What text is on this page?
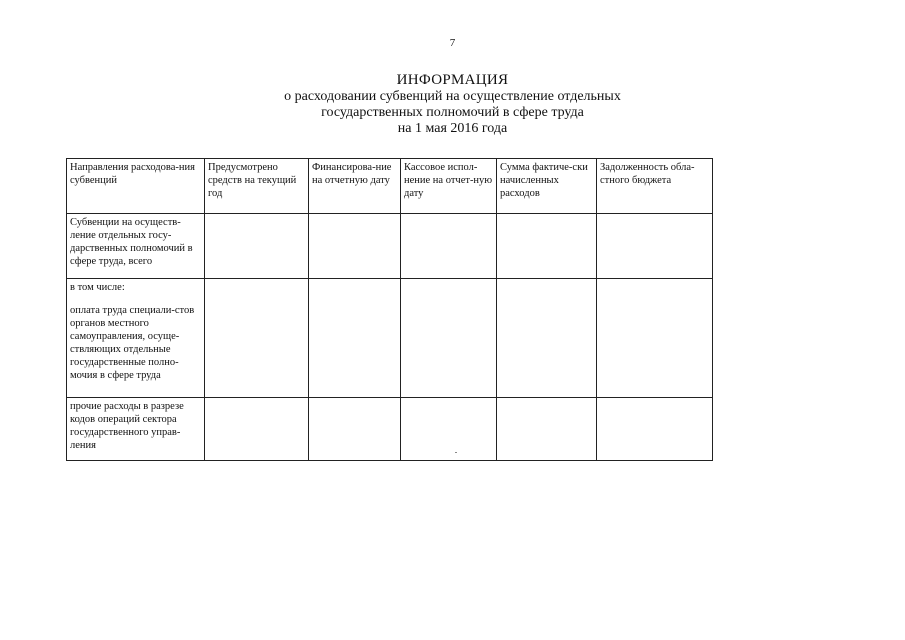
7
ИНФОРМАЦИЯ
о расходовании субвенций на осуществление отдельных
государственных полномочий в сфере труда
на 1 мая 2016 года
Направления расходова-ния субвенций	Предусмотрено средств на текущий год	Финансирова-ние на отчетную дату	Кассовое испол-нение на отчет-ную дату	Сумма фактиче-ски начисленных расходов	Задолженность обла-стного бюджета
Субвенции на осуществ-ление отдельных госу-дарственных полномочий в сфере труда, всего					

в том числе:
оплата труда специали-стов органов местного самоуправления, осуще-ствляющих отдельные государственные полно-мочия в сфере труда					

прочие расходы в разрезе кодов операций сектора государственного управ-ления					
